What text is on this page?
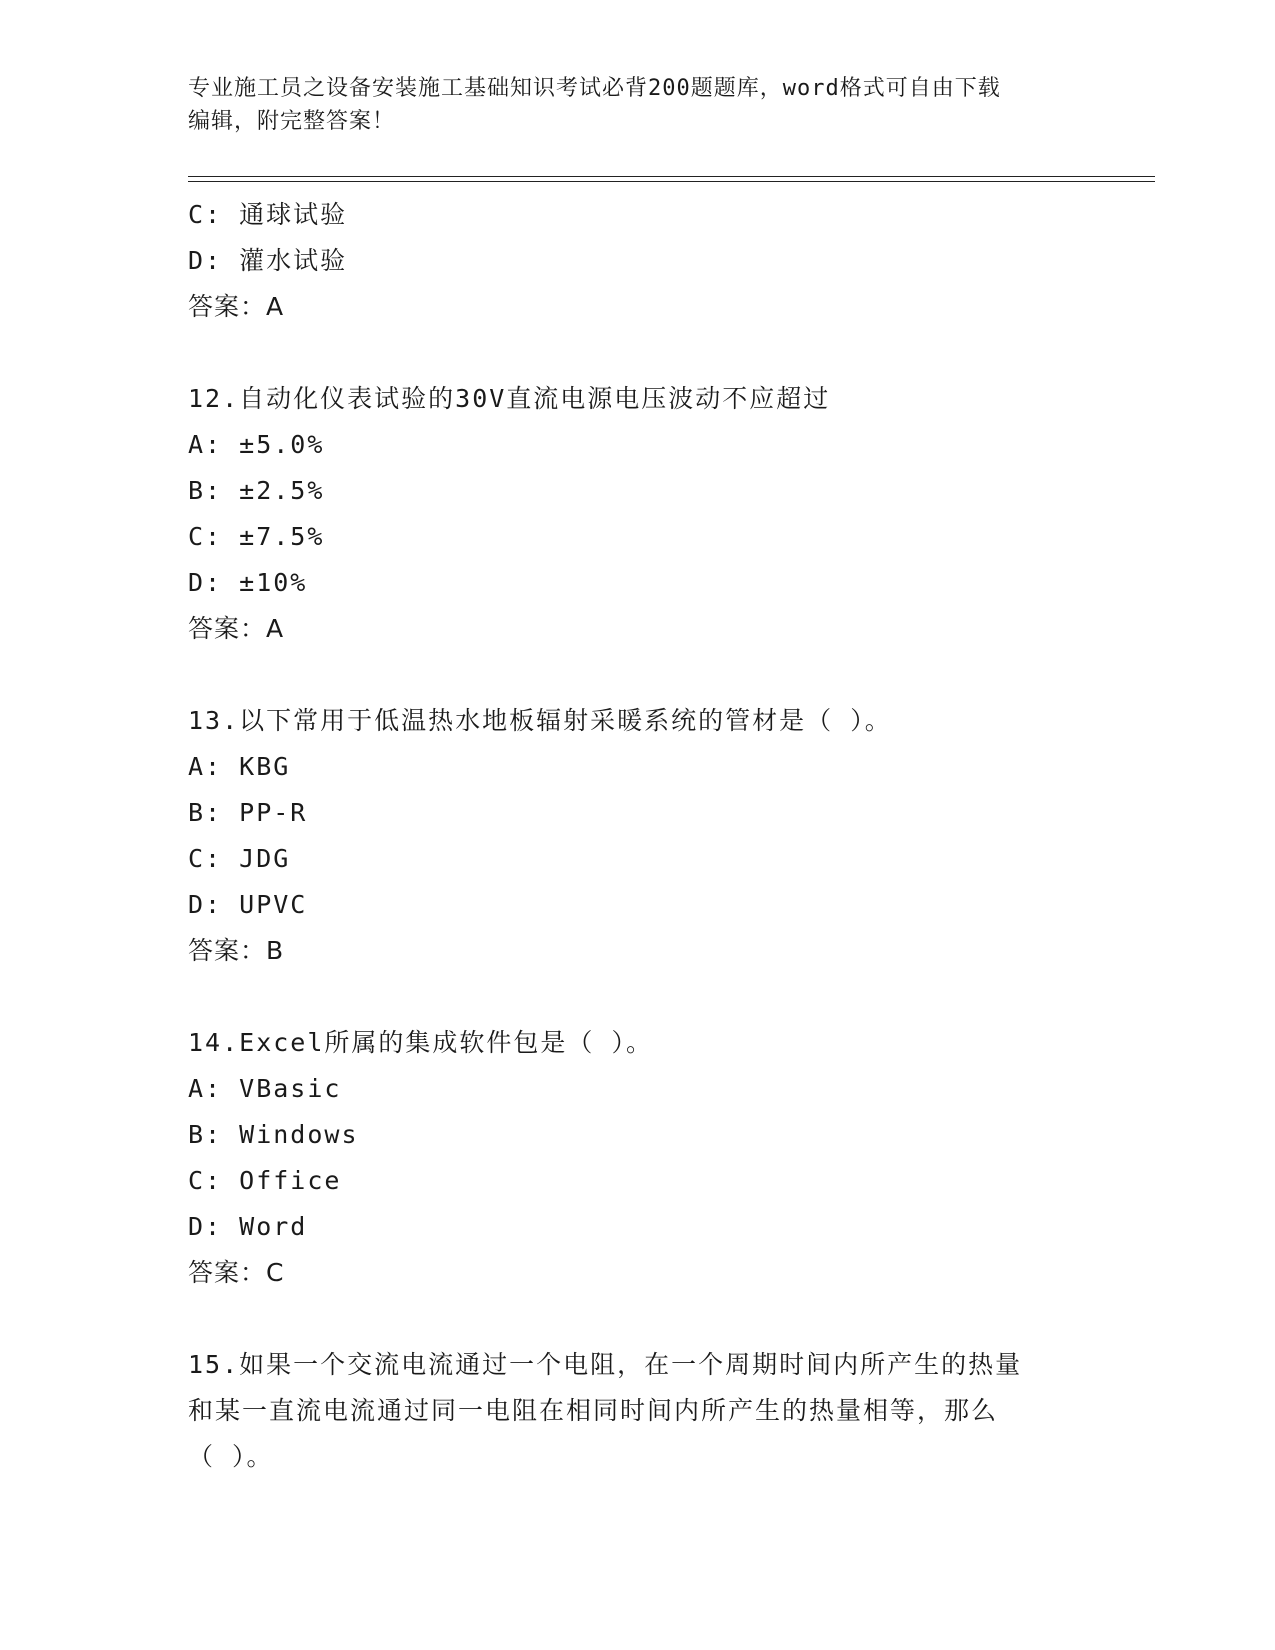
专业施工员之设备安装施工基础知识考试必背200题题库，word格式可自由下载
编辑，附完整答案！
C: 通球试验
D: 灌水试验
答案：A
12.自动化仪表试验的30V直流电源电压波动不应超过
A: ±5.0%
B: ±2.5%
C: ±7.5%
D: ±10%
答案：A
13.以下常用于低温热水地板辐射采暖系统的管材是（ ）。
A: KBG
B: PP-R
C: JDG
D: UPVC
答案：B
14.Excel所属的集成软件包是（ ）。
A: VBasic
B: Windows
C: Office
D: Word
答案：C
15.如果一个交流电流通过一个电阻，在一个周期时间内所产生的热量
和某一直流电流通过同一电阻在相同时间内所产生的热量相等，那么
（ ）。
